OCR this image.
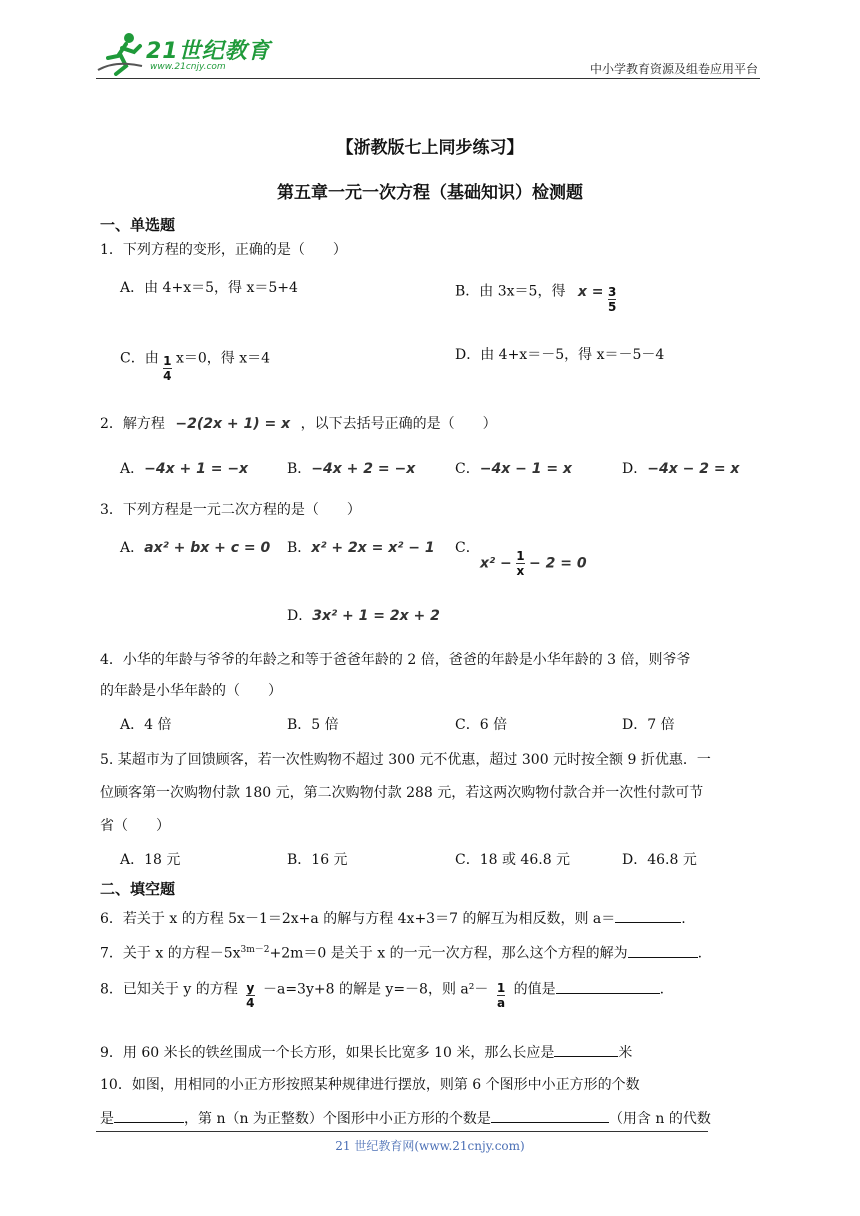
21世纪教育
www.21cnjy.com	中小学教育资源及组卷应用平台
【浙教版七上同步练习】
第五章一元一次方程（基础知识）检测题
一、单选题
1．下列方程的变形，正确的是（　　）
A．由 4+x＝5，得 x＝5+4	B．由 3x＝5，得 $x = \frac{3}{5}$
C．由 $\frac{1}{4} x=0$，得 x＝4	D．由 4+x＝－5，得 x＝－5－4
2．解方程 −2(2x + 1) = x ，以下去括号正确的是（　　）
A．−4x + 1 = −x	B．−4x + 2 = −x	C．−4x − 1 = x	D．−4x − 2 = x
3．下列方程是一元二次方程的是（　　）
A．ax² + bx + c = 0 B．x² + 2x = x² − 1 C．
$x^2 - \frac{1}{x} - 2 = 0$
D．3x² + 1 = 2x + 2
4．小华的年龄与爷爷的年龄之和等于爸爸年龄的 2 倍，爸爸的年龄是小华年龄的 3 倍，则爷爷
的年龄是小华年龄的（　　）
A．4 倍	B．5 倍	C．6 倍	D．7 倍
5. 某超市为了回馈顾客，若一次性购物不超过 300 元不优惠，超过 300 元时按全额 9 折优惠．一
位顾客第一次购物付款 180 元，第二次购物付款 288 元，若这两次购物付款合并一次性付款可节
省（　　）
A．18 元	B．16 元	C．18 或 46.8 元	D．46.8 元
二、填空题
6．若关于 x 的方程 5x－1＝2x+a 的解与方程 4x+3＝7 的解互为相反数，则 a＝	.
7．关于 x 的方程$-5x^{3m-2}+2m=0$ 是关于 x 的一元一次方程，那么这个方程的解为	.
8．已知关于 y 的方程 $\frac{y}{4} -a=3y+8$ 的解是 y=－8，则 $a^2- \frac{1}{a}$ 的值是	.
9．用 60 米长的铁丝围成一个长方形，如果长比宽多 10 米，那么长应是	米
10．如图，用相同的小正方形按照某种规律进行摆放，则第 6 个图形中小正方形的个数
是	，第 n（n 为正整数）个图形中小正方形的个数是	（用含 n 的代数
21 世纪教育网(www.21cnjy.com)
